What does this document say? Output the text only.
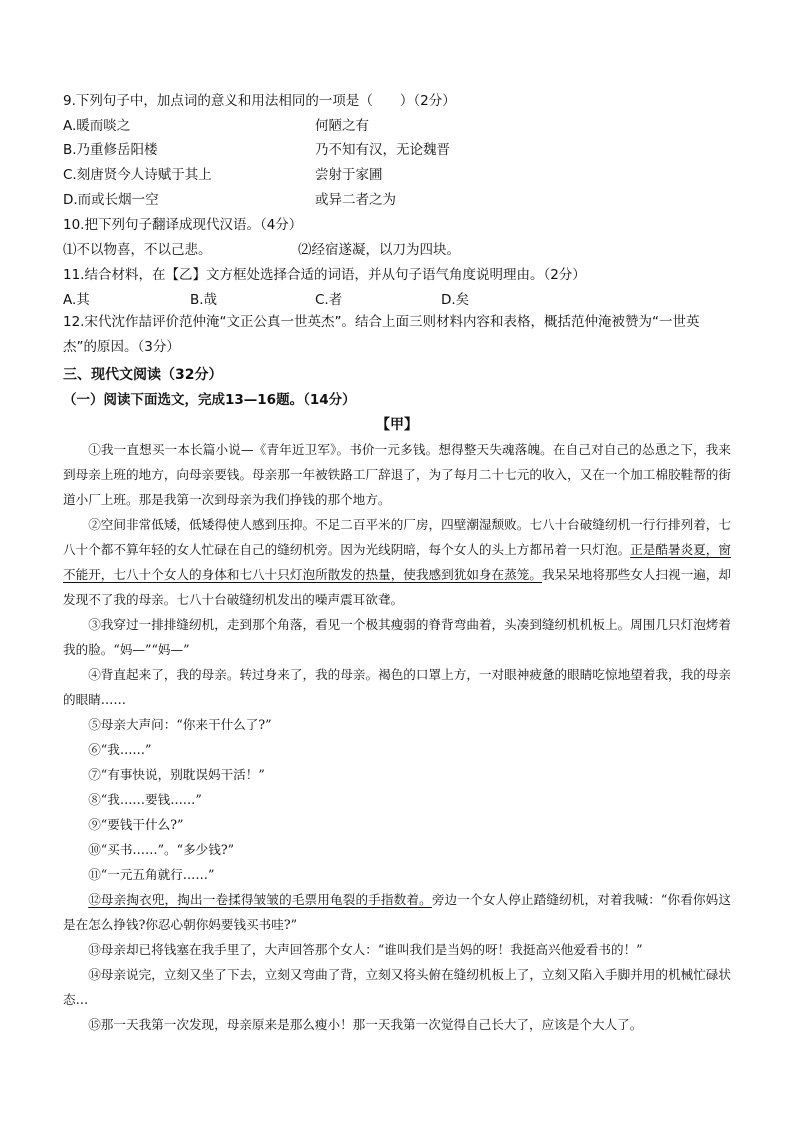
9.下列句子中，加点词的意义和用法相同的一项是（　　）（2分）
A.暖而啖之	何陋之有
B.乃重修岳阳楼	乃不知有汉，无论魏晋
C.刻唐贤今人诗赋于其上	尝射于家圃
D.而或长烟一空	或异二者之为
10.把下列句子翻译成现代汉语。（4分）
⑴不以物喜，不以己悲。	⑵经宿遂凝，以刀为四块。
11.结合材料，在【乙】文方框处选择合适的词语，并从句子语气角度说明理由。（2分）
A.其	B.哉	C.者	D.矣
12.宋代沈作喆评价范仲淹“文正公真一世英杰”。结合上面三则材料内容和表格，概括范仲淹被赞为“一世英杰”的原因。（3分）
三、现代文阅读（32分）
（一）阅读下面选文，完成13—16题。（14分）
【甲】
①我一直想买一本长篇小说—《青年近卫军》。书价一元多钱。想得整天失魂落魄。在自己对自己的怂恿之下，我来到母亲上班的地方，向母亲要钱。母亲那一年被铁路工厂辞退了，为了每月二十七元的收入，又在一个加工棉胶鞋帮的街道小厂上班。那是我第一次到母亲为我们挣钱的那个地方。
②空间非常低矮，低矮得使人感到压抑。不足二百平米的厂房，四壁潮湿颓败。七八十台破缝纫机一行行排列着，七八十个都不算年轻的女人忙碌在自己的缝纫机旁。因为光线阴暗，每个女人的头上方都吊着一只灯泡。正是酷暑炎夏，窗不能开，七八十个女人的身体和七八十只灯泡所散发的热量，使我感到犹如身在蒸笼。我呆呆地将那些女人扫视一遍，却发现不了我的母亲。七八十台破缝纫机发出的噪声震耳欲聋。
③我穿过一排排缝纫机，走到那个角落，看见一个极其瘦弱的脊背弯曲着，头凑到缝纫机机板上。周围几只灯泡烤着我的脸。“妈—”“妈—”
④背直起来了，我的母亲。转过身来了，我的母亲。褐色的口罩上方，一对眼神疲惫的眼睛吃惊地望着我，我的母亲的眼睛……
⑤母亲大声问：“你来干什么了?”
⑥“我……”
⑦“有事快说，别耽误妈干活！”
⑧“我……要钱……”
⑨“要钱干什么?”
⑩“买书……”。“多少钱?”
⑪“一元五角就行……”
⑫母亲掏衣兜，掏出一卷揉得皱皱的毛票用龟裂的手指数着。旁边一个女人停止踏缝纫机，对着我喊：“你看你妈这是在怎么挣钱?你忍心朝你妈要钱买书哇?”
⑬母亲却已将钱塞在我手里了，大声回答那个女人：“谁叫我们是当妈的呀！我挺高兴他爱看书的！”
⑭母亲说完，立刻又坐了下去，立刻又弯曲了背，立刻又将头俯在缝纫机板上了，立刻又陷入手脚并用的机械忙碌状态…
⑮那一天我第一次发现，母亲原来是那么瘦小！那一天我第一次觉得自己长大了，应该是个大人了。
